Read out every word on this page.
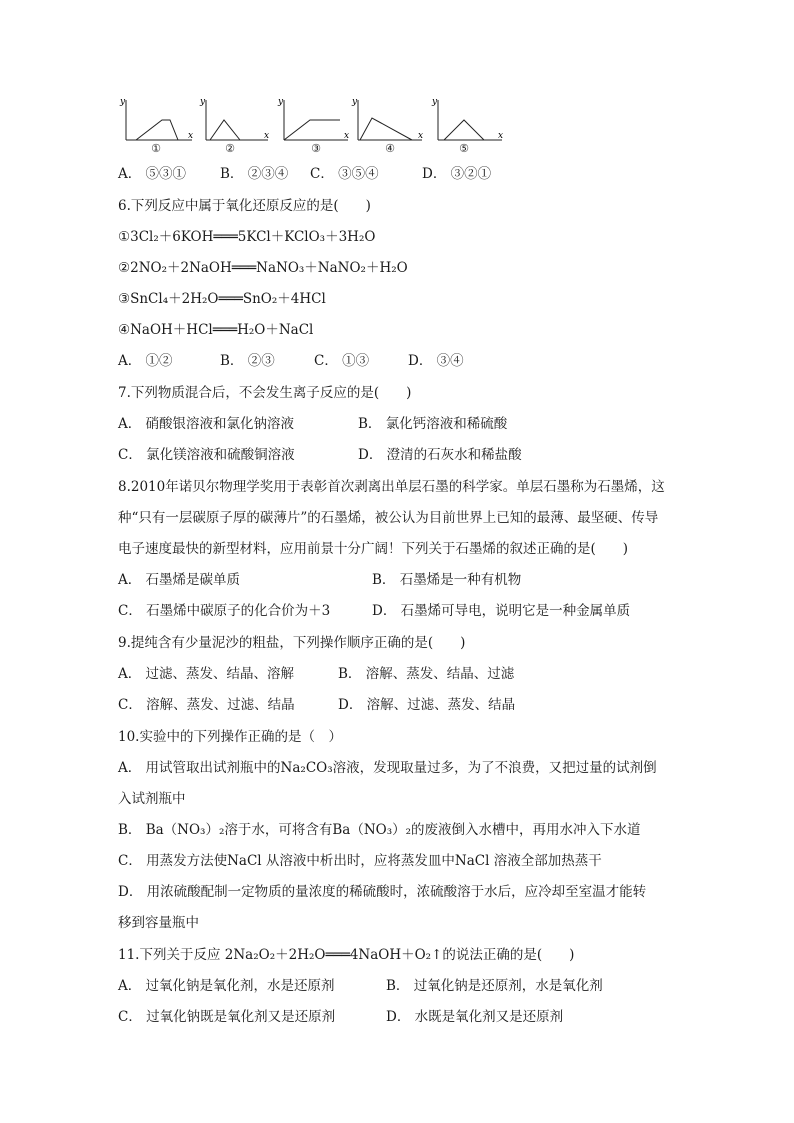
y
x
①
y
x
②
y
x
③
y
x
④
y
x
⑤
A． ⑤③①	B． ②③④ C． ③⑤④	D． ③②①
6.下列反应中属于氧化还原反应的是(　　)
①3Cl₂＋6KOH═══5KCl＋KClO₃＋3H₂O
②2NO₂＋2NaOH═══NaNO₃＋NaNO₂＋H₂O
③SnCl₄＋2H₂O═══SnO₂＋4HCl
④NaOH＋HCl═══H₂O＋NaCl
A． ①②	B． ②③	C． ①③	D． ③④
7.下列物质混合后，不会发生离子反应的是(　　)
A． 硝酸银溶液和氯化钠溶液	B． 氯化钙溶液和稀硫酸
C． 氯化镁溶液和硫酸铜溶液	D． 澄清的石灰水和稀盐酸
8.2010年诺贝尔物理学奖用于表彰首次剥离出单层石墨的科学家。单层石墨称为石墨烯，这
种“只有一层碳原子厚的碳薄片”的石墨烯，被公认为目前世界上已知的最薄、最坚硬、传导
电子速度最快的新型材料，应用前景十分广阔！下列关于石墨烯的叙述正确的是(　　)
A． 石墨烯是碳单质	B． 石墨烯是一种有机物
C． 石墨烯中碳原子的化合价为＋3	D． 石墨烯可导电，说明它是一种金属单质
9.提纯含有少量泥沙的粗盐，下列操作顺序正确的是(　　)
A． 过滤、蒸发、结晶、溶解	B． 溶解、蒸发、结晶、过滤
C． 溶解、蒸发、过滤、结晶	D． 溶解、过滤、蒸发、结晶
10.实验中的下列操作正确的是（　）
A． 用试管取出试剂瓶中的Na₂CO₃溶液，发现取量过多，为了不浪费，又把过量的试剂倒
入试剂瓶中
B． Ba（NO₃）₂溶于水，可将含有Ba（NO₃）₂的废液倒入水槽中，再用水冲入下水道
C． 用蒸发方法使NaCl 从溶液中析出时，应将蒸发皿中NaCl 溶液全部加热蒸干
D． 用浓硫酸配制一定物质的量浓度的稀硫酸时，浓硫酸溶于水后，应冷却至室温才能转
移到容量瓶中
11.下列关于反应 2Na₂O₂＋2H₂O═══4NaOH＋O₂↑的说法正确的是(　　)
A． 过氧化钠是氧化剂，水是还原剂	B． 过氧化钠是还原剂，水是氧化剂
C． 过氧化钠既是氧化剂又是还原剂	D． 水既是氧化剂又是还原剂
